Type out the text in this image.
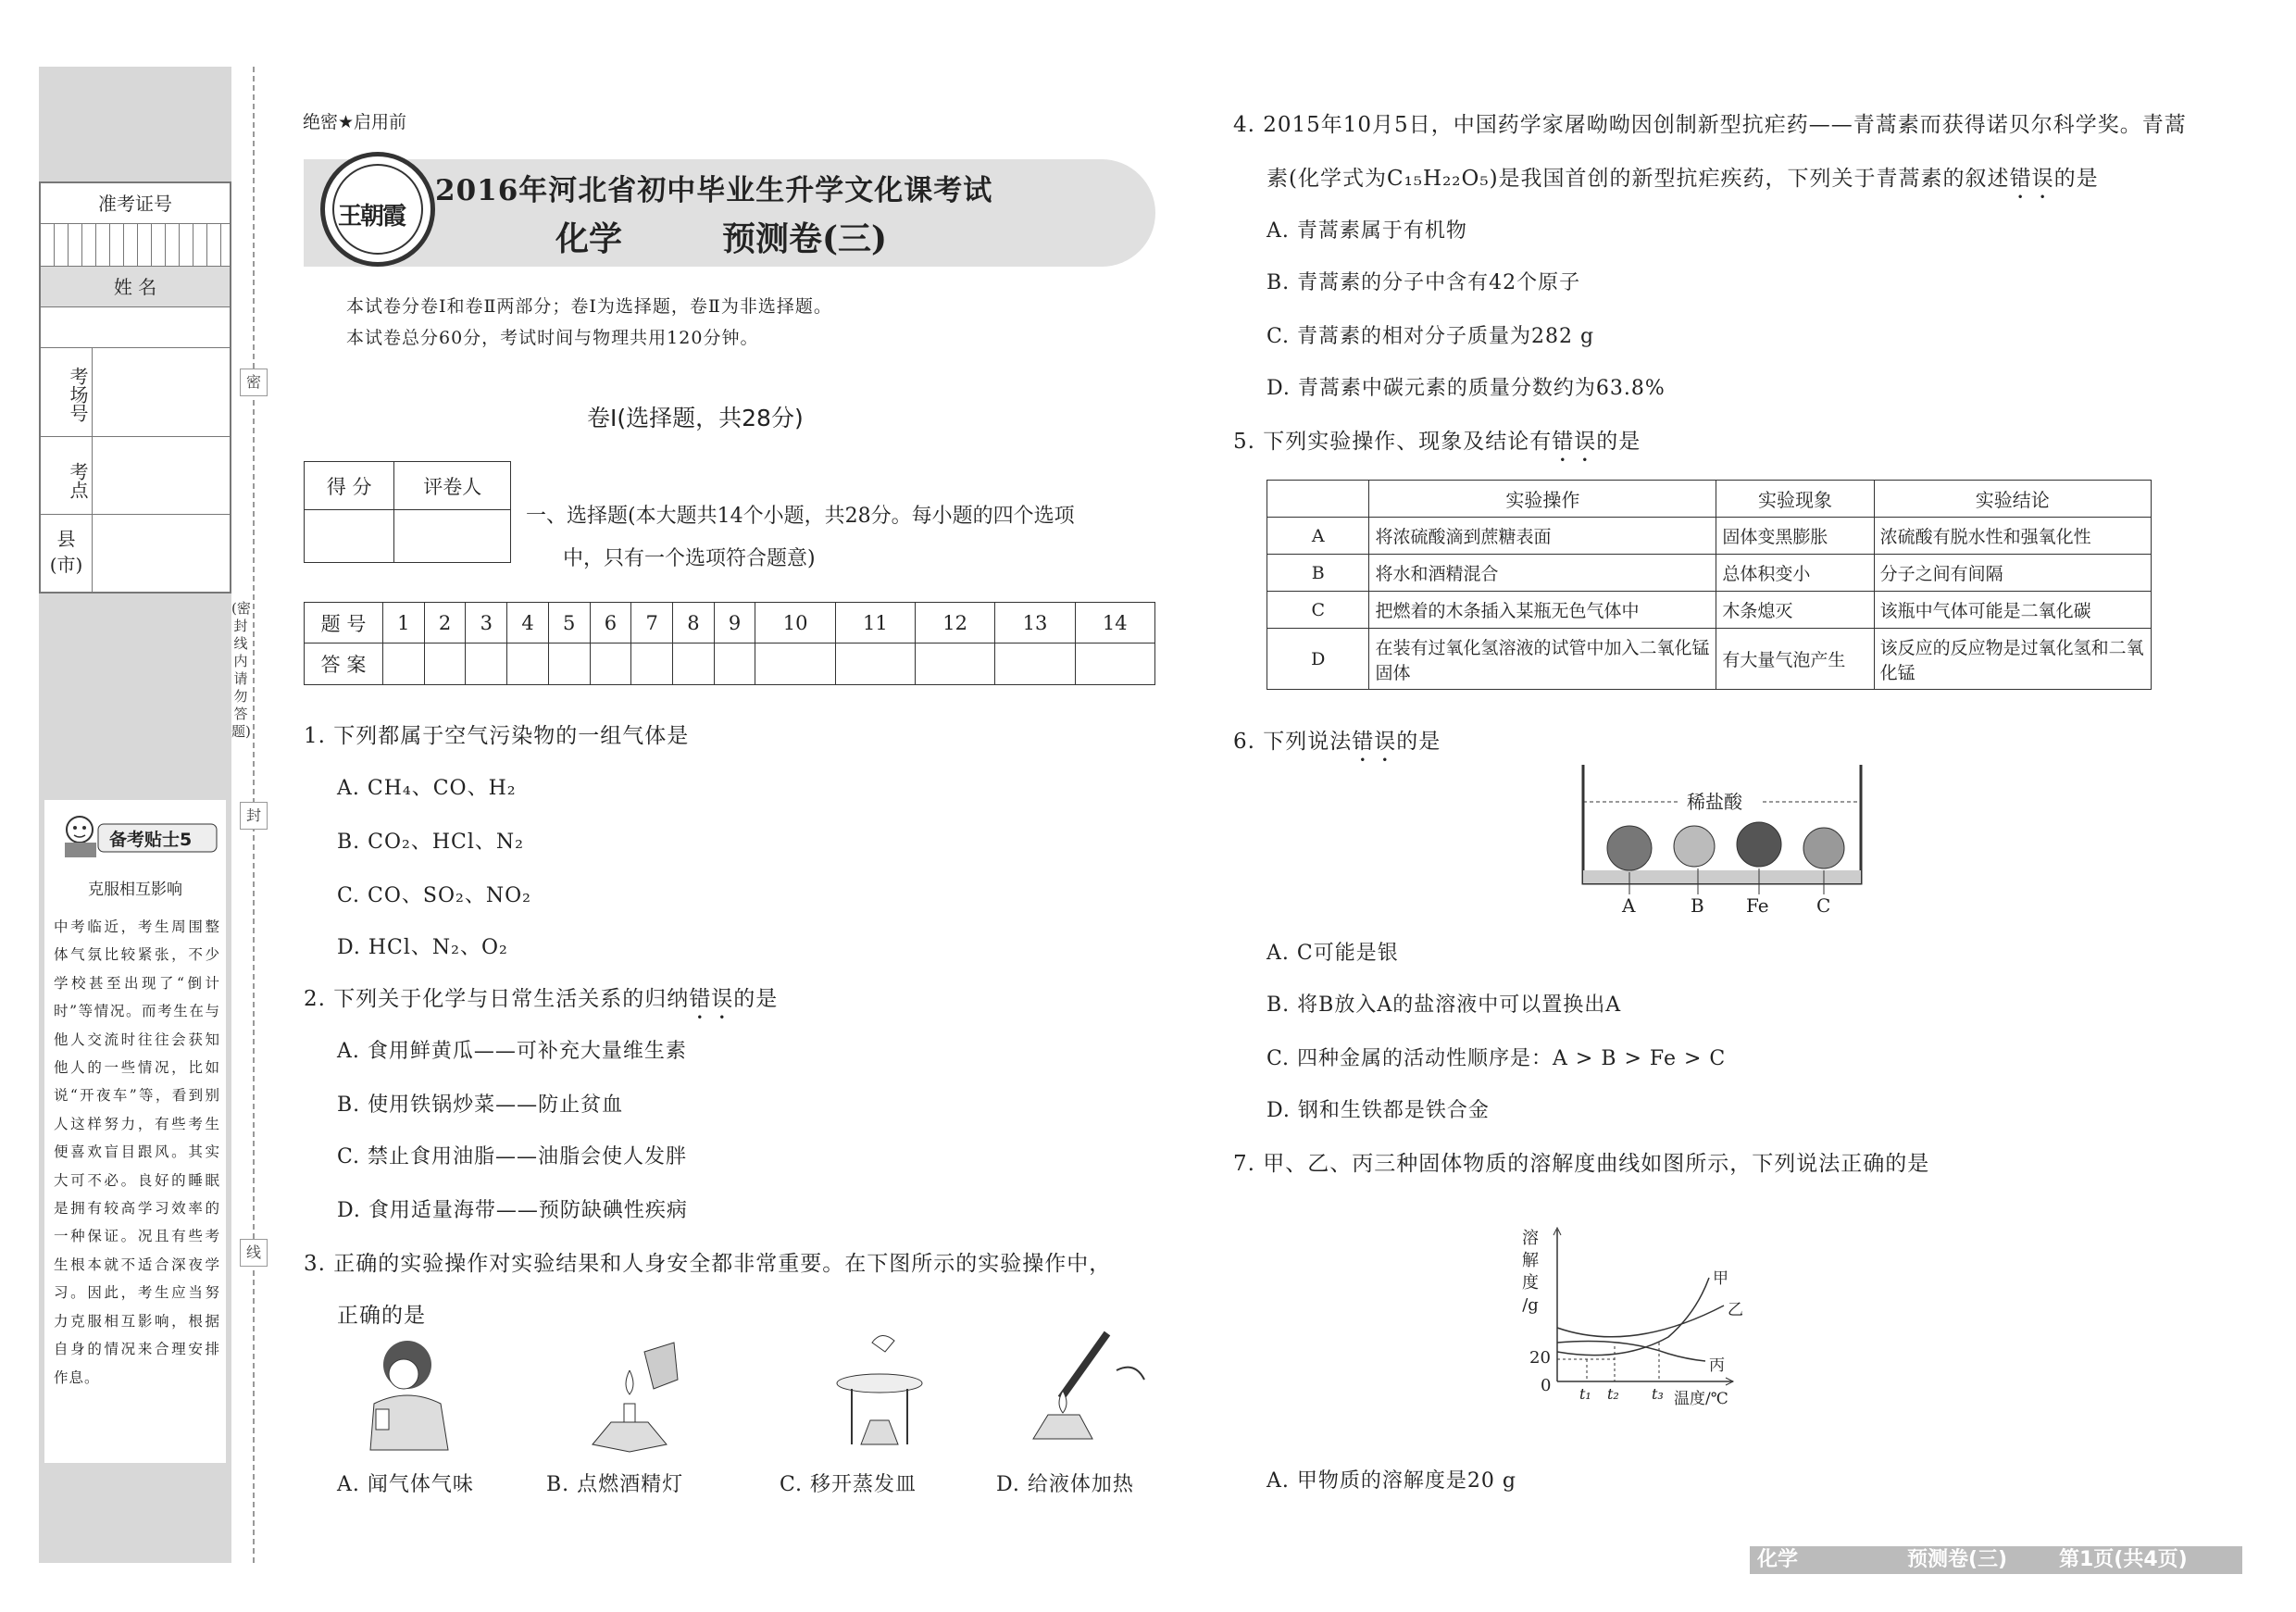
准考证号
姓 名
考场号
考点
县(市)
密
封
线
(密封线内请勿答题)
备考贴士5
克服相互影响
中考临近，考生周围整体气氛比较紧张，不少学校甚至出现了“倒计时”等情况。而考生在与他人交流时往往会获知他人的一些情况，比如说“开夜车”等，看到别人这样努力，有些考生便喜欢盲目跟风。其实大可不必。良好的睡眠是拥有较高学习效率的一种保证。况且有些考生根本就不适合深夜学习。因此，考生应当努力克服相互影响，根据自身的情况来合理安排作息。
绝密★启用前
王朝霞
2016年河北省初中毕业生升学文化课考试
化学	预测卷(三)
本试卷分卷Ⅰ和卷Ⅱ两部分；卷Ⅰ为选择题，卷Ⅱ为非选择题。
本试卷总分60分，考试时间与物理共用120分钟。
卷Ⅰ(选择题，共28分)
得 分	评卷人

一、选择题(本大题共14个小题，共28分。每小题的四个选项
中，只有一个选项符合题意)
题 号	1	2	3	4	5	6	7	8	9	10	11	12	13	14
答 案														
1. 下列都属于空气污染物的一组气体是
A. CH₄、CO、H₂
B. CO₂、HCl、N₂
C. CO、SO₂、NO₂
D. HCl、N₂、O₂
2. 下列关于化学与日常生活关系的归纳错误的是
A. 食用鲜黄瓜——可补充大量维生素
B. 使用铁锅炒菜——防止贫血
C. 禁止食用油脂——油脂会使人发胖
D. 食用适量海带——预防缺碘性疾病
3. 正确的实验操作对实验结果和人身安全都非常重要。在下图所示的实验操作中，
正确的是
A. 闻气体气味	B. 点燃酒精灯	C. 移开蒸发皿	D. 给液体加热
4. 2015年10月5日，中国药学家屠呦呦因创制新型抗疟药——青蒿素而获得诺贝尔科学奖。青蒿
素(化学式为C₁₅H₂₂O₅)是我国首创的新型抗疟疾药，下列关于青蒿素的叙述错误的是
A. 青蒿素属于有机物
B. 青蒿素的分子中含有42个原子
C. 青蒿素的相对分子质量为282 g
D. 青蒿素中碳元素的质量分数约为63.8%
5. 下列实验操作、现象及结论有错误的是
	实验操作	实验现象	实验结论
A	将浓硫酸滴到蔗糖表面	固体变黑膨胀	浓硫酸有脱水性和强氧化性
B	将水和酒精混合	总体积变小	分子之间有间隔
C	把燃着的木条插入某瓶无色气体中	木条熄灭	该瓶中气体可能是二氧化碳
D	在装有过氧化氢溶液的试管中加入二氧化锰固体	有大量气泡产生	该反应的反应物是过氧化氢和二氧化锰
6. 下列说法错误的是
稀盐酸
A	B Fe	C
A. C可能是银
B. 将B放入A的盐溶液中可以置换出A
C. 四种金属的活动性顺序是：A > B > Fe > C
D. 钢和生铁都是铁合金
7. 甲、乙、丙三种固体物质的溶解度曲线如图所示，下列说法正确的是
溶
解
度
/g
20
0 t₁ t₂ t₃ 温度/℃
甲
乙
丙
A. 甲物质的溶解度是20 g
化学	预测卷(三)	第1页(共4页)
